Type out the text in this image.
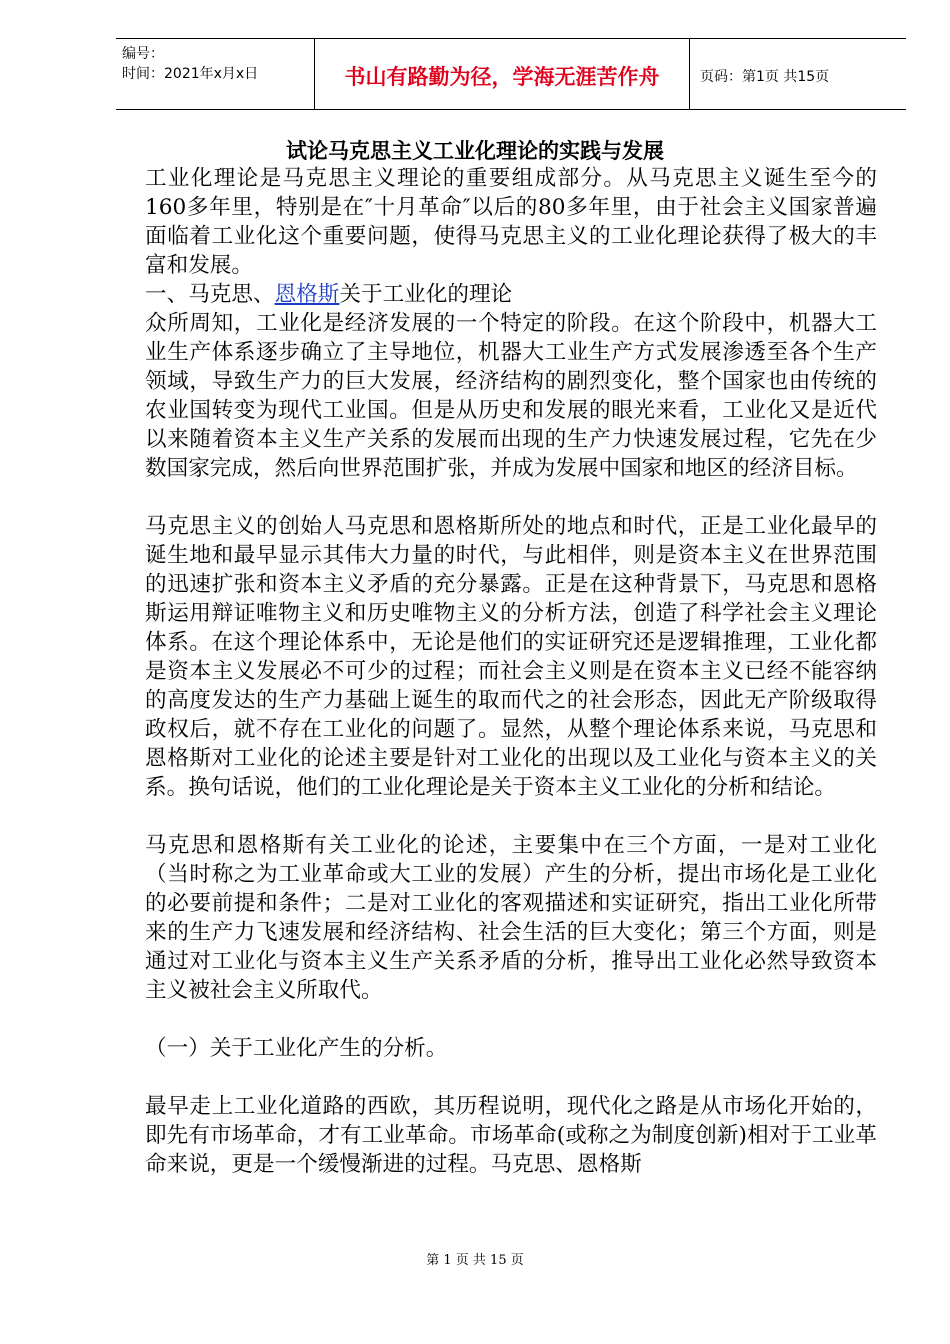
编号：
时间：2021年x月x日	书山有路勤为径，学海无涯苦作舟	页码：第1页 共15页
试论马克思主义工业化理论的实践与发展

工业化理论是马克思主义理论的重要组成部分。从马克思主义诞生至今的160多年里，特别是在″十月革命″以后的80多年里，由于社会主义国家普遍面临着工业化这个重要问题，使得马克思主义的工业化理论获得了极大的丰富和发展。

一、马克思、恩格斯关于工业化的理论

众所周知，工业化是经济发展的一个特定的阶段。在这个阶段中，机器大工业生产体系逐步确立了主导地位，机器大工业生产方式发展渗透至各个生产领域，导致生产力的巨大发展，经济结构的剧烈变化，整个国家也由传统的农业国转变为现代工业国。但是从历史和发展的眼光来看，工业化又是近代以来随着资本主义生产关系的发展而出现的生产力快速发展过程，它先在少数国家完成，然后向世界范围扩张，并成为发展中国家和地区的经济目标。

马克思主义的创始人马克思和恩格斯所处的地点和时代，正是工业化最早的诞生地和最早显示其伟大力量的时代，与此相伴，则是资本主义在世界范围的迅速扩张和资本主义矛盾的充分暴露。正是在这种背景下，马克思和恩格斯运用辩证唯物主义和历史唯物主义的分析方法，创造了科学社会主义理论体系。在这个理论体系中，无论是他们的实证研究还是逻辑推理，工业化都是资本主义发展必不可少的过程；而社会主义则是在资本主义已经不能容纳的高度发达的生产力基础上诞生的取而代之的社会形态，因此无产阶级取得政权后，就不存在工业化的问题了。显然，从整个理论体系来说，马克思和恩格斯对工业化的论述主要是针对工业化的出现以及工业化与资本主义的关系。换句话说，他们的工业化理论是关于资本主义工业化的分析和结论。

马克思和恩格斯有关工业化的论述，主要集中在三个方面，一是对工业化（当时称之为工业革命或大工业的发展）产生的分析，提出市场化是工业化的必要前提和条件；二是对工业化的客观描述和实证研究，指出工业化所带来的生产力飞速发展和经济结构、社会生活的巨大变化；第三个方面，则是通过对工业化与资本主义生产关系矛盾的分析，推导出工业化必然导致资本主义被社会主义所取代。

（一）关于工业化产生的分析。

最早走上工业化道路的西欧，其历程说明，现代化之路是从市场化开始的，即先有市场革命，才有工业革命。市场革命(或称之为制度创新)相对于工业革命来说，更是一个缓慢渐进的过程。马克思、恩格斯

第 1 页 共 15 页
